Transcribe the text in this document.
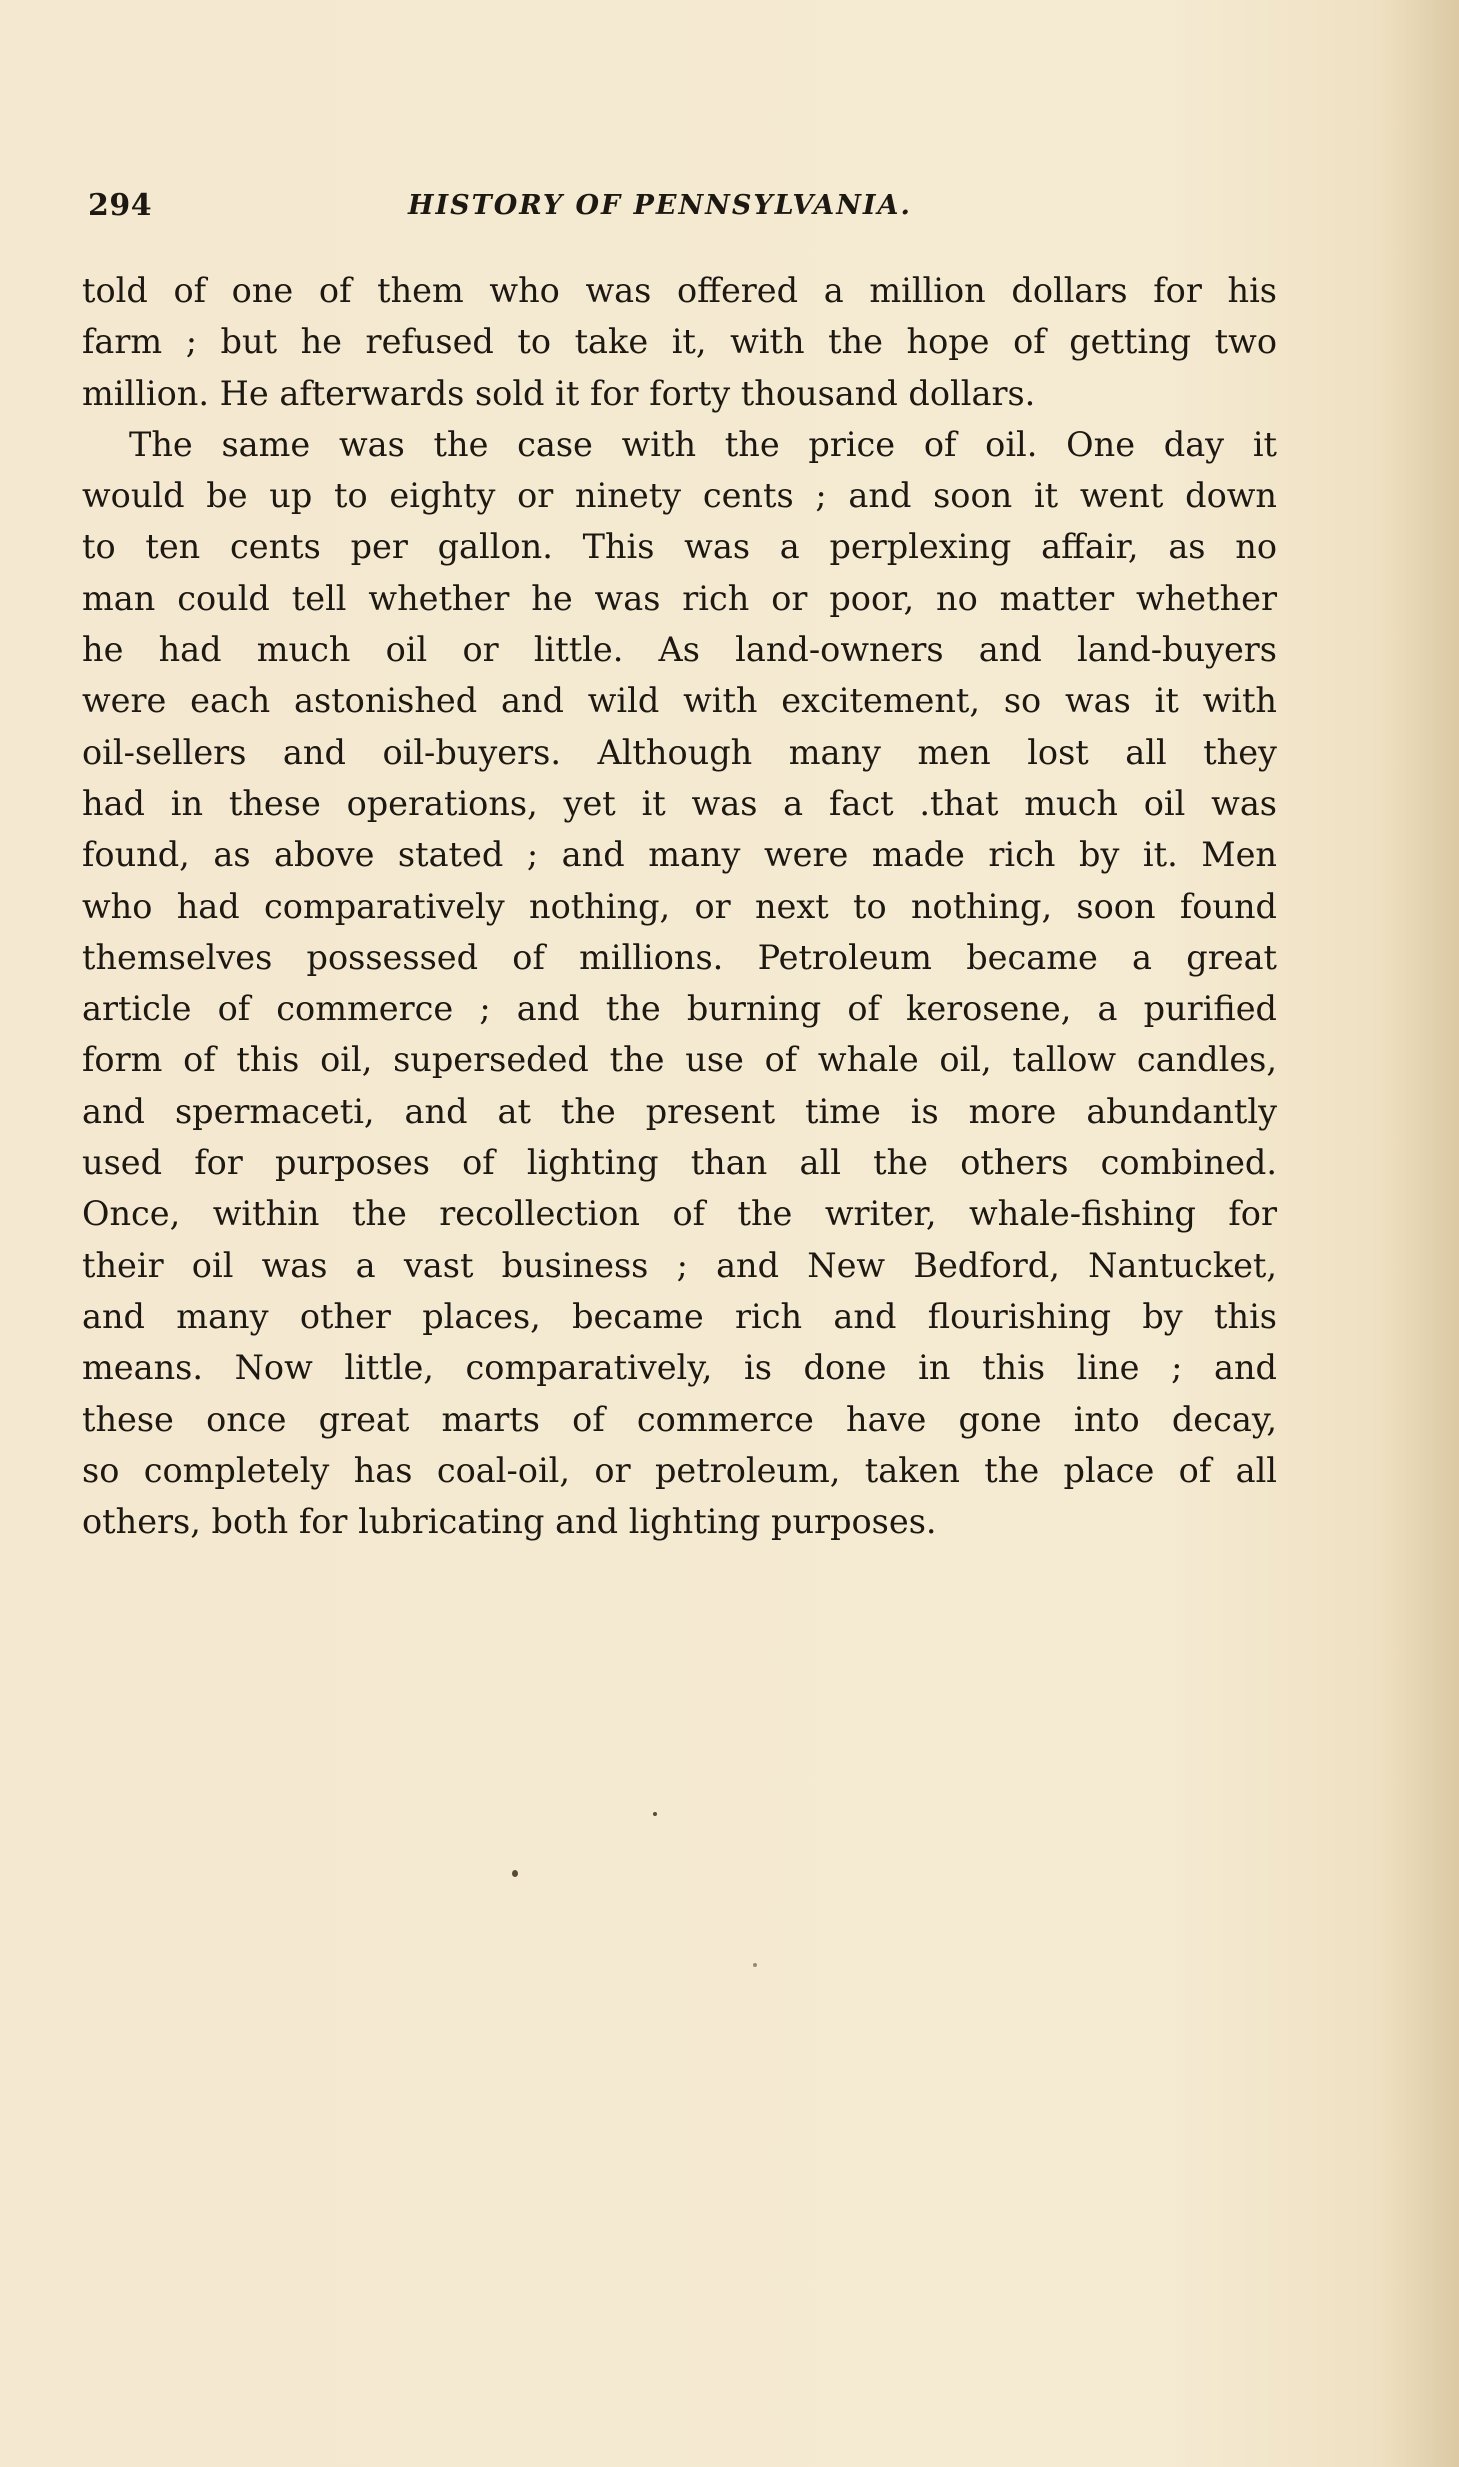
294	HISTORY OF PENNSYLVANIA.
told of one of them who was offered a million dollars for his
farm ; but he refused to take it, with the hope of getting two
million. He afterwards sold it for forty thousand dollars.
The same was the case with the price of oil. One day it
would be up to eighty or ninety cents ; and soon it went down
to ten cents per gallon. This was a perplexing affair, as no
man could tell whether he was rich or poor, no matter whether
he had much oil or little. As land-owners and land-buyers
were each astonished and wild with excitement, so was it with
oil-sellers and oil-buyers. Although many men lost all they
had in these operations, yet it was a fact .that much oil was
found, as above stated ; and many were made rich by it. Men
who had comparatively nothing, or next to nothing, soon found
themselves possessed of millions. Petroleum became a great
article of commerce ; and the burning of kerosene, a purified
form of this oil, superseded the use of whale oil, tallow candles,
and spermaceti, and at the present time is more abundantly
used for purposes of lighting than all the others combined.
Once, within the recollection of the writer, whale-fishing for
their oil was a vast business ; and New Bedford, Nantucket,
and many other places, became rich and flourishing by this
means. Now little, comparatively, is done in this line ; and
these once great marts of commerce have gone into decay,
so completely has coal-oil, or petroleum, taken the place of all
others, both for lubricating and lighting purposes.
